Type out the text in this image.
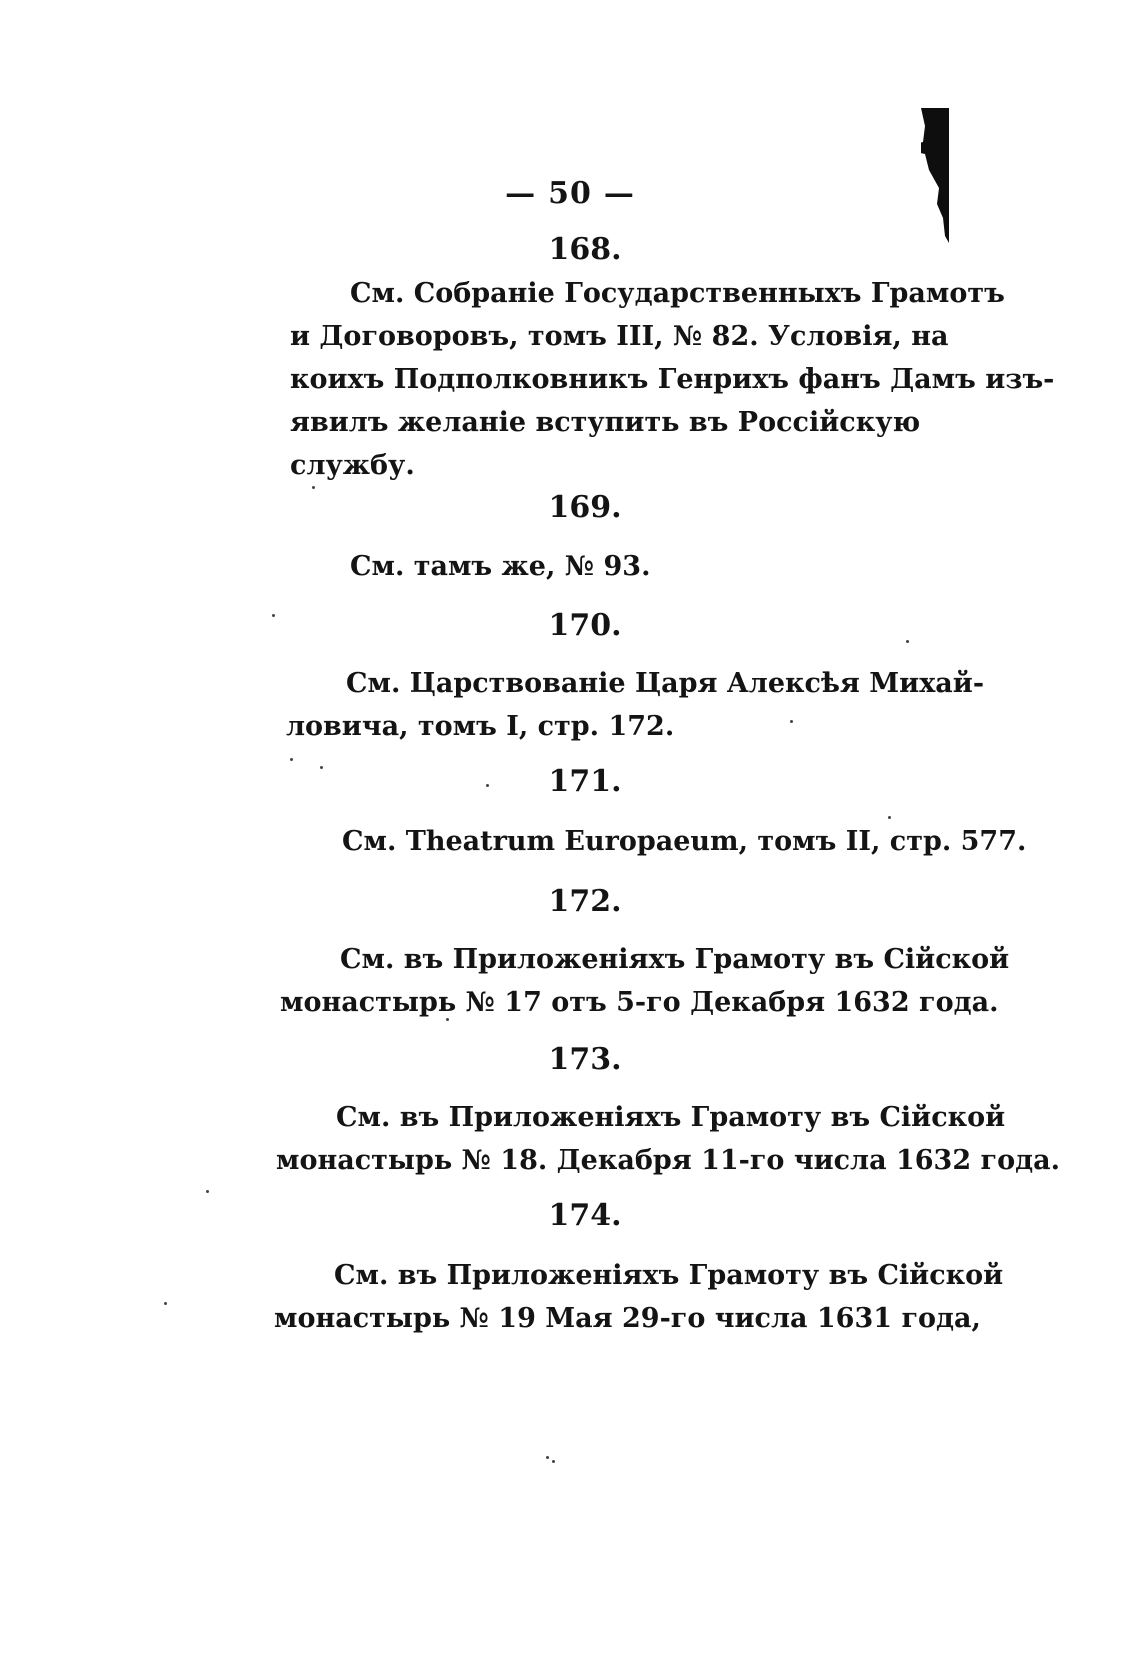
— 50 —
168.
См. Собраніе Государственныхъ Грамотъ
и Договоровъ, томъ III, № 82. Условія, на
коихъ Подполковникъ Генрихъ фанъ Дамъ изъ-
явилъ желаніе вступить въ Россійскую
службу.
169.
См. тамъ же, № 93.
170.
См. Царствованіе Царя Алексѣя Михай-
ловича, томъ I, стр. 172.
171.
См. Theatrum Europaeum, томъ II, стр. 577.
172.
См. въ Приложеніяхъ Грамоту въ Сійской
монастырь № 17 отъ 5-го Декабря 1632 года.
173.
См. въ Приложеніяхъ Грамоту въ Сійской
монастырь № 18. Декабря 11-го числа 1632 года.
174.
См. въ Приложеніяхъ Грамоту въ Сійской
монастырь № 19 Мая 29-го числа 1631 года,
